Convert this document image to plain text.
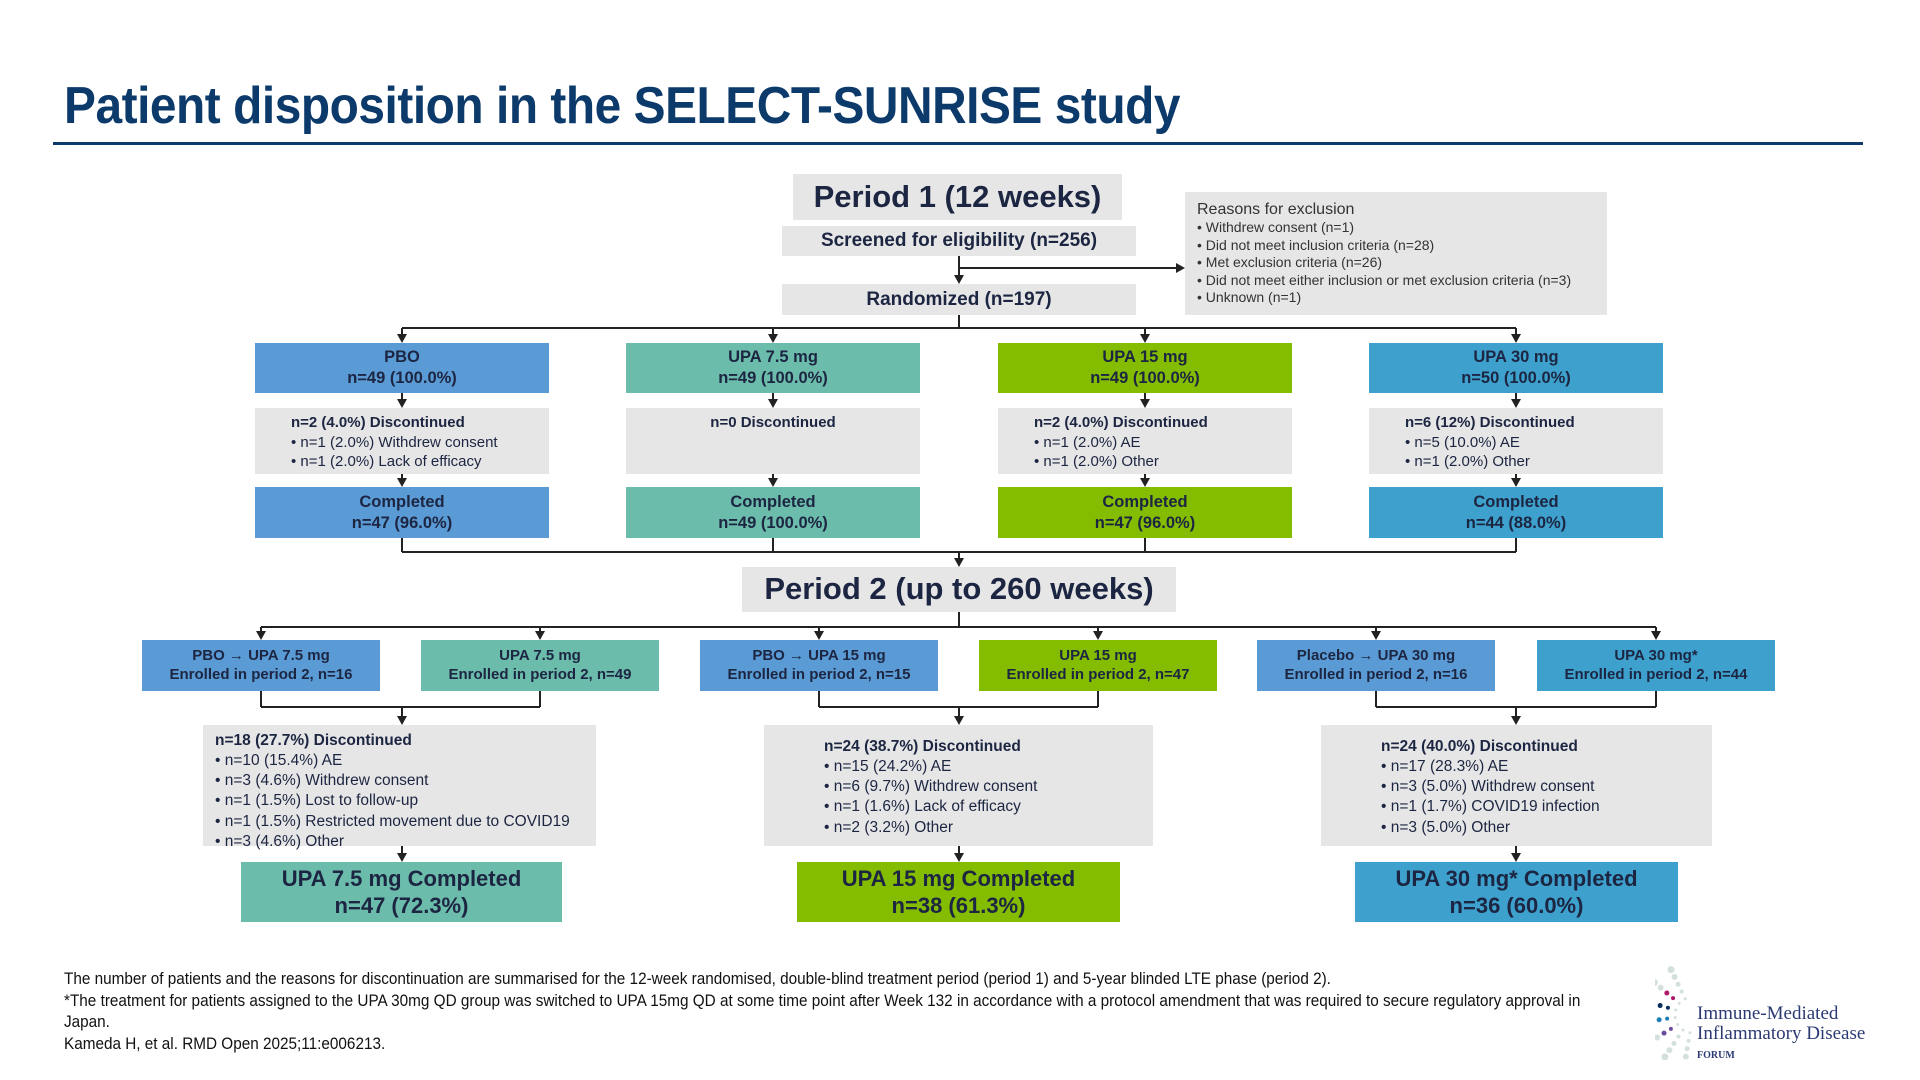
Patient disposition in the SELECT-SUNRISE study
Period 1 (12 weeks)
Screened for eligibility (n=256)
Randomized (n=197)
Reasons for exclusion
• Withdrew consent (n=1)
• Did not meet inclusion criteria (n=28)
• Met exclusion criteria (n=26)
• Did not meet either inclusion or met exclusion criteria (n=3)
• Unknown (n=1)
Period 2 (up to 260 weeks)
PBO
n=49 (100.0%)
n=2 (4.0%) Discontinued
• n=1 (2.0%) Withdrew consent
• n=1 (2.0%) Lack of efficacy
Completed
n=47 (96.0%)
UPA 7.5 mg
n=49 (100.0%)
n=0 Discontinued
Completed
n=49 (100.0%)
UPA 15 mg
n=49 (100.0%)
n=2 (4.0%) Discontinued
• n=1 (2.0%) AE
• n=1 (2.0%) Other
Completed
n=47 (96.0%)
UPA 30 mg
n=50 (100.0%)
n=6 (12%) Discontinued
• n=5 (10.0%) AE
• n=1 (2.0%) Other
Completed
n=44 (88.0%)
PBO → UPA 7.5 mg
Enrolled in period 2, n=16
UPA 7.5 mg
Enrolled in period 2, n=49
PBO → UPA 15 mg
Enrolled in period 2, n=15
UPA 15 mg
Enrolled in period 2, n=47
Placebo → UPA 30 mg
Enrolled in period 2, n=16
UPA 30 mg*
Enrolled in period 2, n=44
n=18 (27.7%) Discontinued
• n=10 (15.4%) AE
• n=3 (4.6%) Withdrew consent
• n=1 (1.5%) Lost to follow-up
• n=1 (1.5%) Restricted movement due to COVID19
• n=3 (4.6%) Other
UPA 7.5 mg Completed
n=47 (72.3%)
n=24 (38.7%) Discontinued
• n=15 (24.2%) AE
• n=6 (9.7%) Withdrew consent
• n=1 (1.6%) Lack of efficacy
• n=2 (3.2%) Other
UPA 15 mg Completed
n=38 (61.3%)
n=24 (40.0%) Discontinued
• n=17 (28.3%) AE
• n=3 (5.0%) Withdrew consent
• n=1 (1.7%) COVID19 infection
• n=3 (5.0%) Other
UPA 30 mg* Completed
n=36 (60.0%)
The number of patients and the reasons for discontinuation are summarised for the 12-week randomised, double-blind treatment period (period 1) and 5-year blinded LTE phase (period 2).
*The treatment for patients assigned to the UPA 30mg QD group was switched to UPA 15mg QD at some time point after Week 132 in accordance with a protocol amendment that was required to secure regulatory approval in Japan.
Kameda H, et al. RMD Open 2025;11:e006213.
Immune-Mediated
Inflammatory Disease
FORUM
